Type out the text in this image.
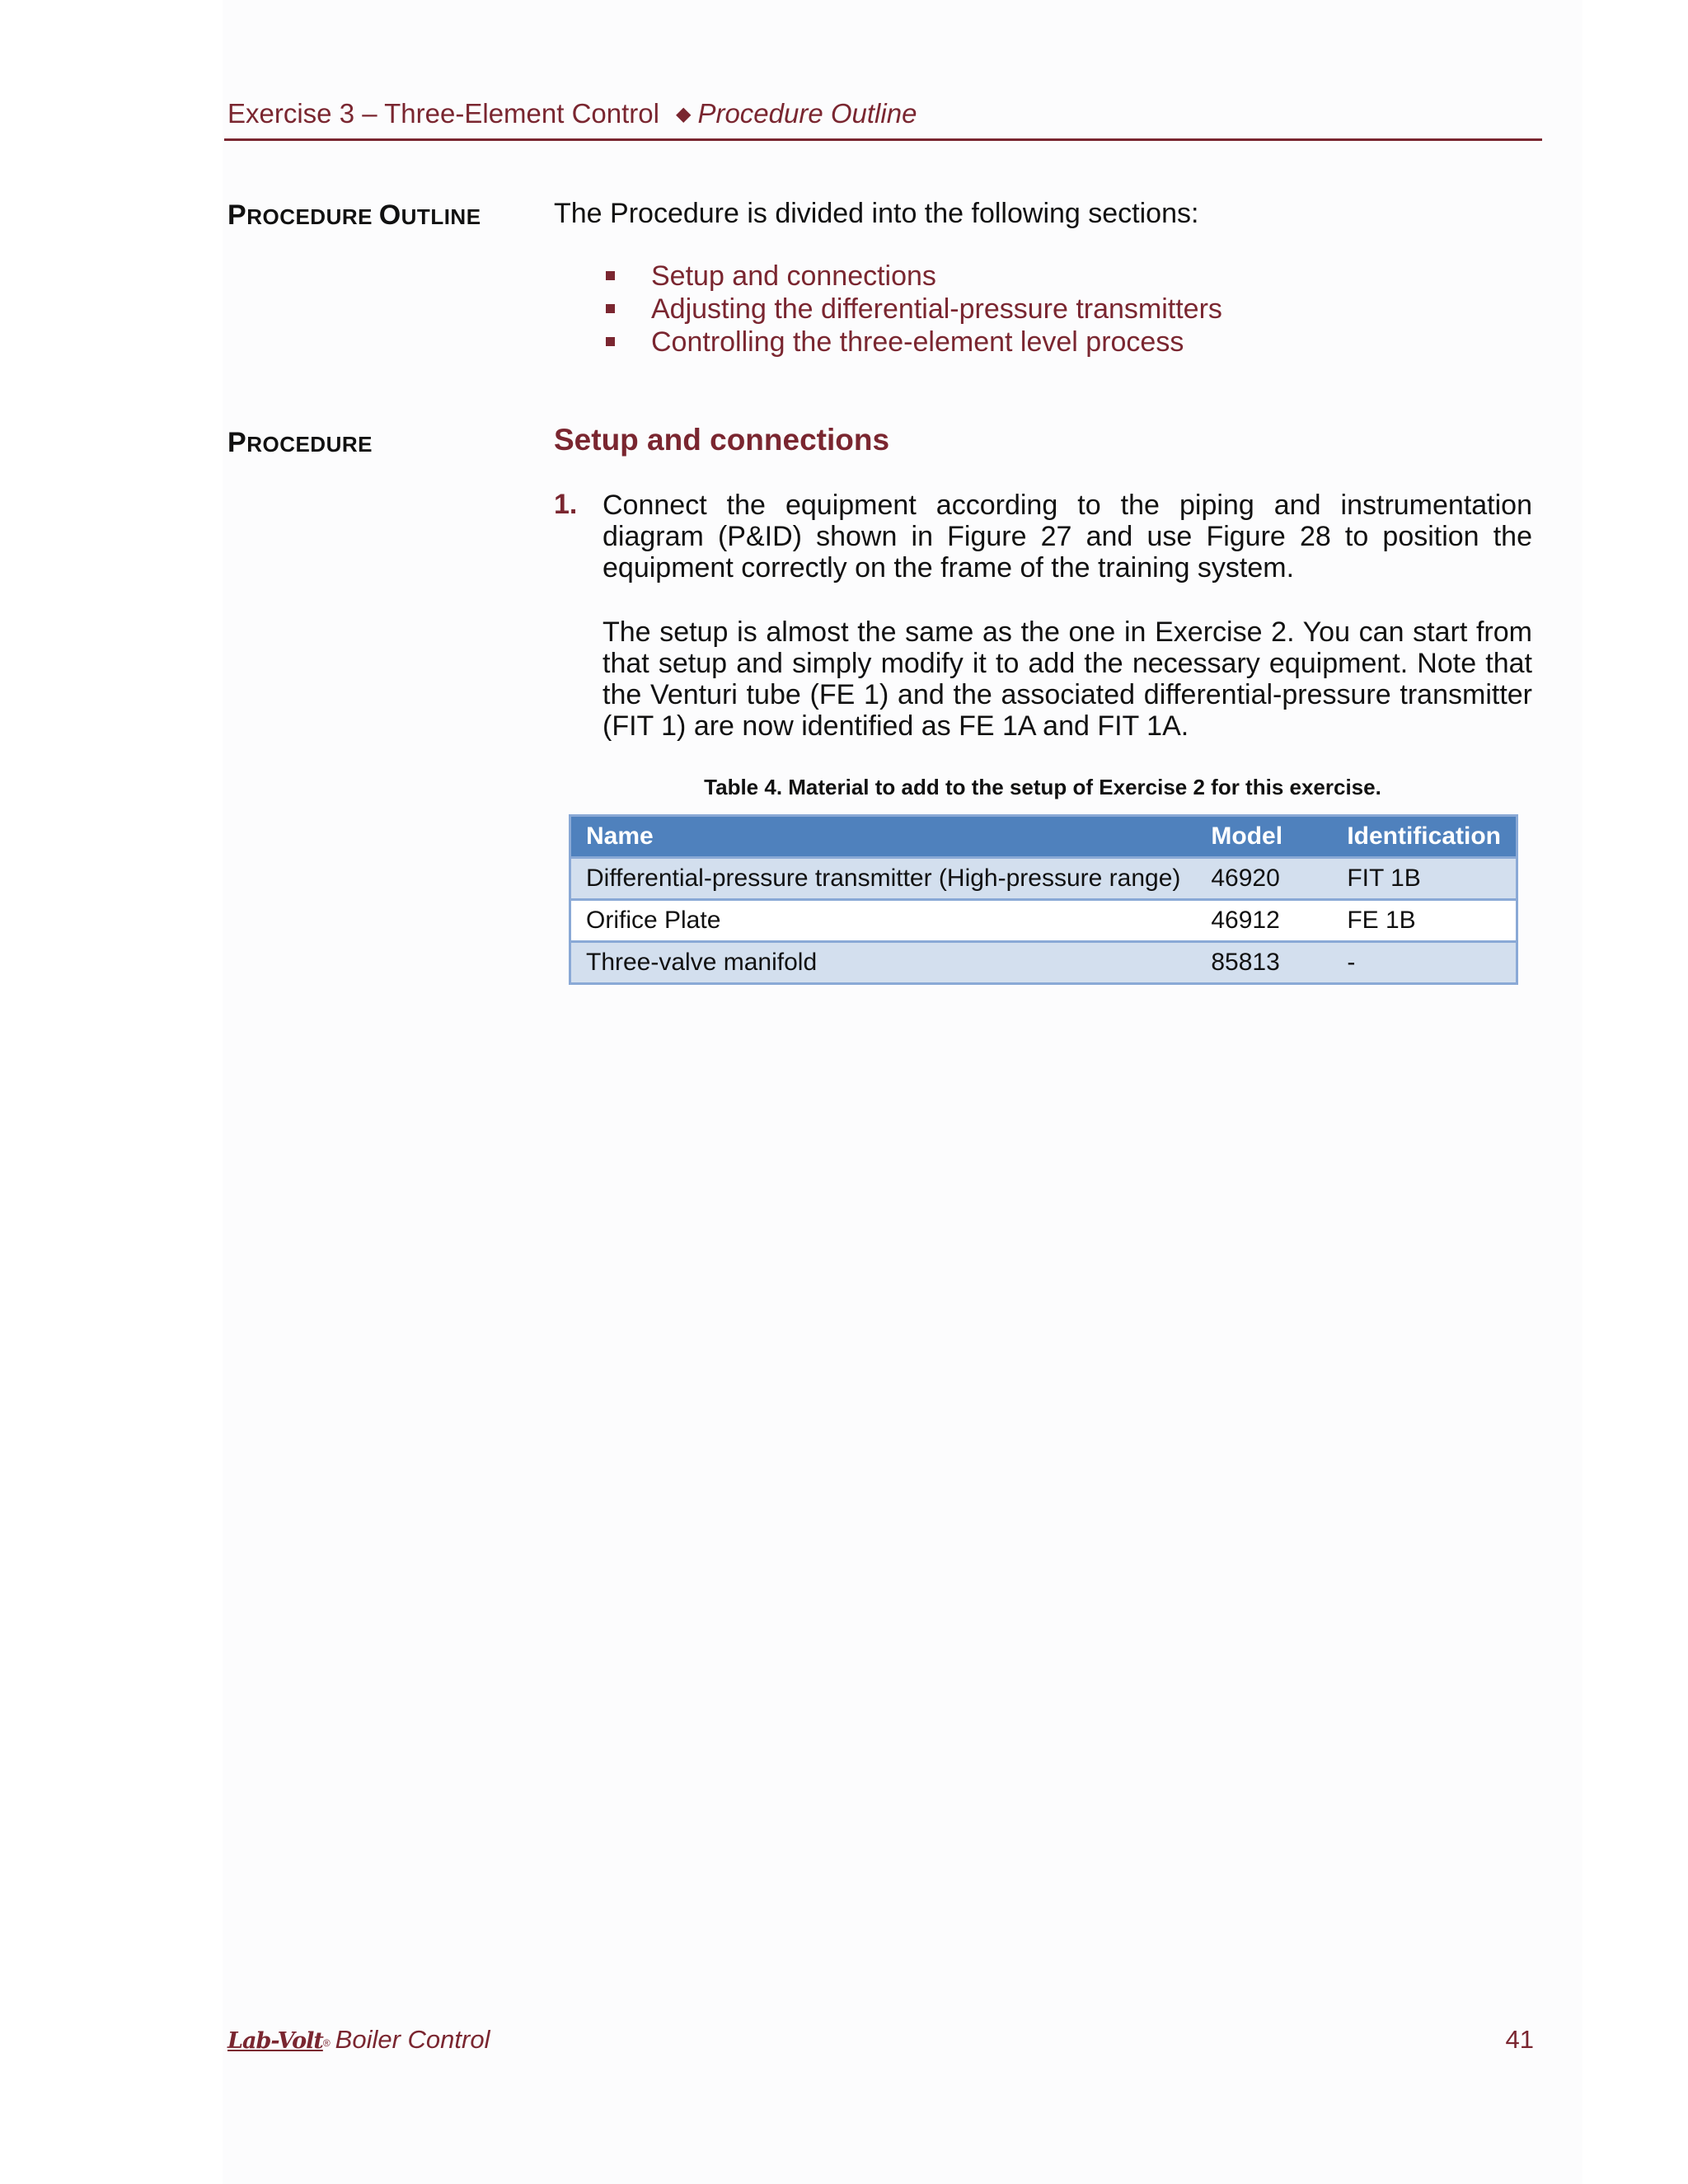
Exercise 3 – Three-Element Control ◆ Procedure Outline
PROCEDURE OUTLINE	The Procedure is divided into the following sections:
Setup and connections
Adjusting the differential-pressure transmitters
Controlling the three-element level process
PROCEDURE	Setup and connections
1. Connect the equipment according to the piping and instrumentation diagram (P&ID) shown in Figure 27 and use Figure 28 to position the equipment correctly on the frame of the training system.

The setup is almost the same as the one in Exercise 2. You can start from that setup and simply modify it to add the necessary equipment. Note that the Venturi tube (FE 1) and the associated differential-pressure transmitter (FIT 1) are now identified as FE 1A and FIT 1A.

Table 4. Material to add to the setup of Exercise 2 for this exercise.
Name	Model	Identification
Differential-pressure transmitter (High-pressure range)	46920	FIT 1B
Orifice Plate	46912	FE 1B
Three-valve manifold	85813	-
Lab-Volt® Boiler Control	41
